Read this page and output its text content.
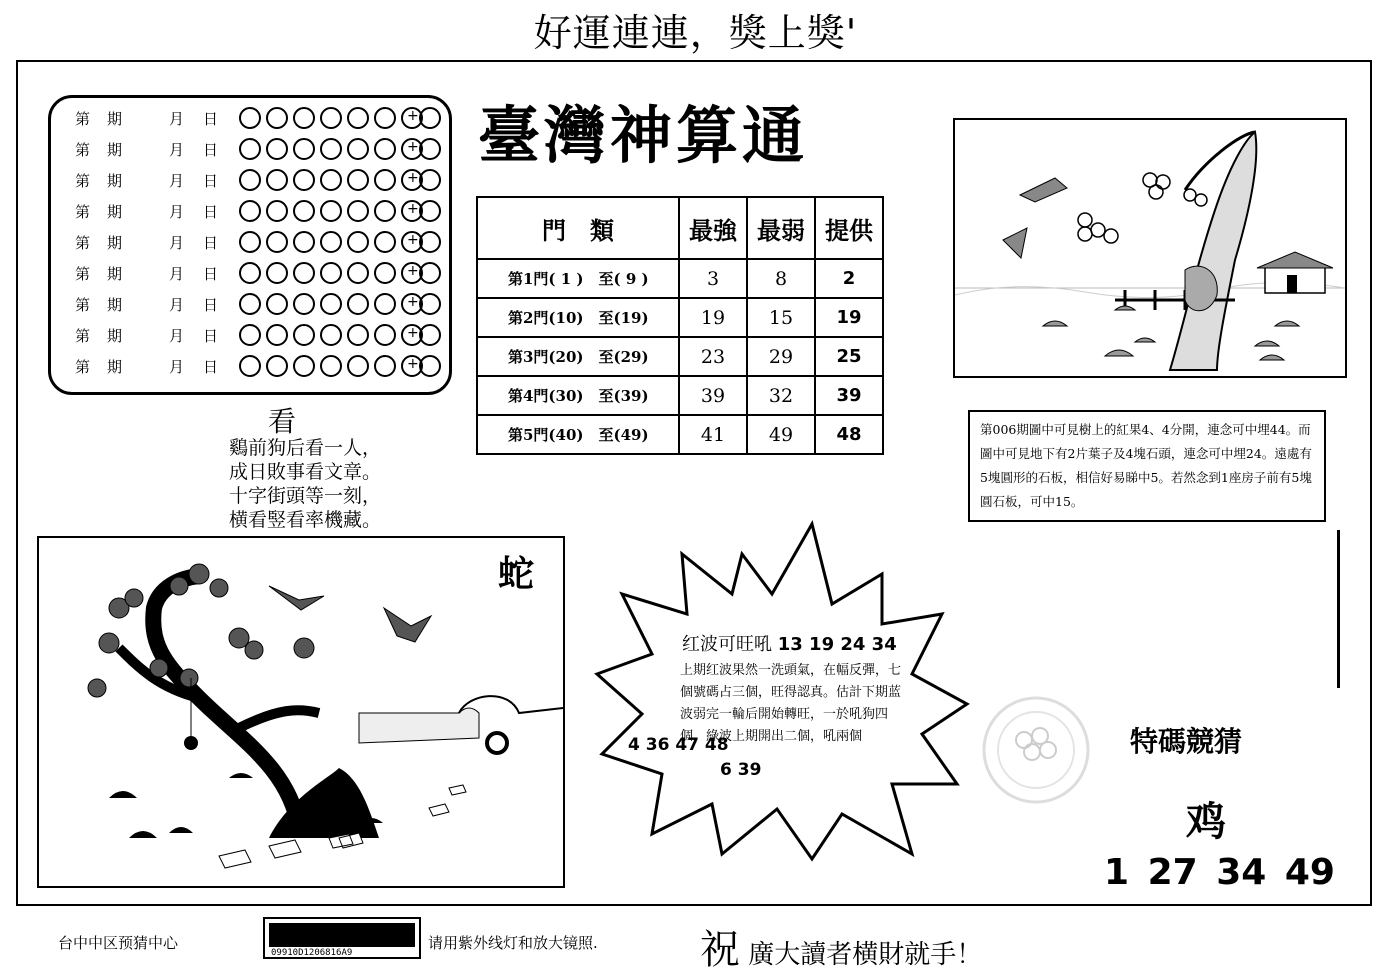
好運連連，獎上獎'
第 期	月 日	+
第 期	月 日	+
第 期	月 日	+
第 期	月 日	+
第 期	月 日	+
第 期	月 日	+
第 期	月 日	+
第 期	月 日	+
第 期	月 日	+
臺灣神算通
門　類	最強	最弱	提供
第1門( 1 )　至( 9 )	3	8	2
第2門(10)　至(19)	19	15	19
第3門(20)　至(29)	23	29	25
第4門(30)　至(39)	39	32	39
第5門(40)　至(49)	41	49	48
看
鷄前狗后看一人，
成日敗事看文章。
十字街頭等一刻，
横看竪看率機藏。
第006期圖中可見樹上的紅果4、4分開，連念可中埋44。而圖中可見地下有2片葉子及4塊石頭，連念可中埋24。遠處有5塊圓形的石板，相信好易睇中5。若然念到1座房子前有5塊圓石板，可中15。
蛇
红波可旺吼 13 19 24 34
上期红波果然一洗頭氣，在幅反彈，七個號碼占三個，旺得認真。估計下期蓝波弱完一輪后開始轉旺，一於吼狗四個，綠波上期開出二個，吼兩個
4 36 47 48
6 39
特碼競猜
鸡
1 27 34 49
台中中区预猜中心
09910D1206816A9
请用紫外线灯和放大镜照.	祝 廣大讀者横財就手！
